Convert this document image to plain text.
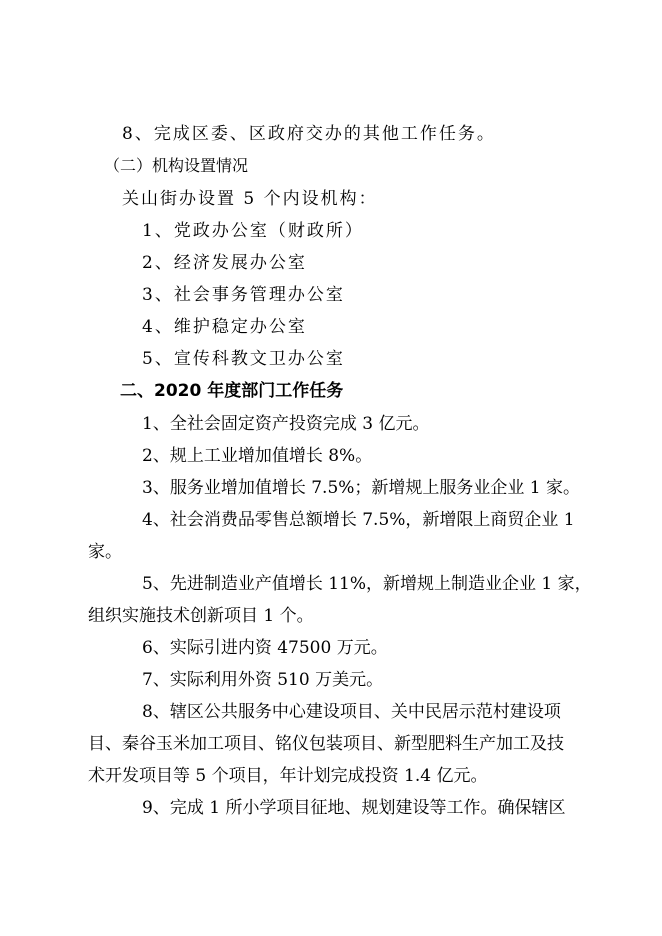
8、完成区委、区政府交办的其他工作任务。
（二）机构设置情况
关山街办设置 5 个内设机构：
1、党政办公室（财政所）
2、经济发展办公室
3、社会事务管理办公室
4、维护稳定办公室
5、宣传科教文卫办公室
二、2020 年度部门工作任务
1、全社会固定资产投资完成 3 亿元。
2、规上工业增加值增长 8%。
3、服务业增加值增长 7.5%；新增规上服务业企业 1 家。
4、社会消费品零售总额增长 7.5%，新增限上商贸企业 1
家。
5、先进制造业产值增长 11%，新增规上制造业企业 1 家，
组织实施技术创新项目 1 个。
6、实际引进内资 47500 万元。
7、实际利用外资 510 万美元。
8、辖区公共服务中心建设项目、关中民居示范村建设项
目、秦谷玉米加工项目、铭仪包装项目、新型肥料生产加工及技
术开发项目等 5 个项目，年计划完成投资 1.4 亿元。
9、完成 1 所小学项目征地、规划建设等工作。确保辖区
